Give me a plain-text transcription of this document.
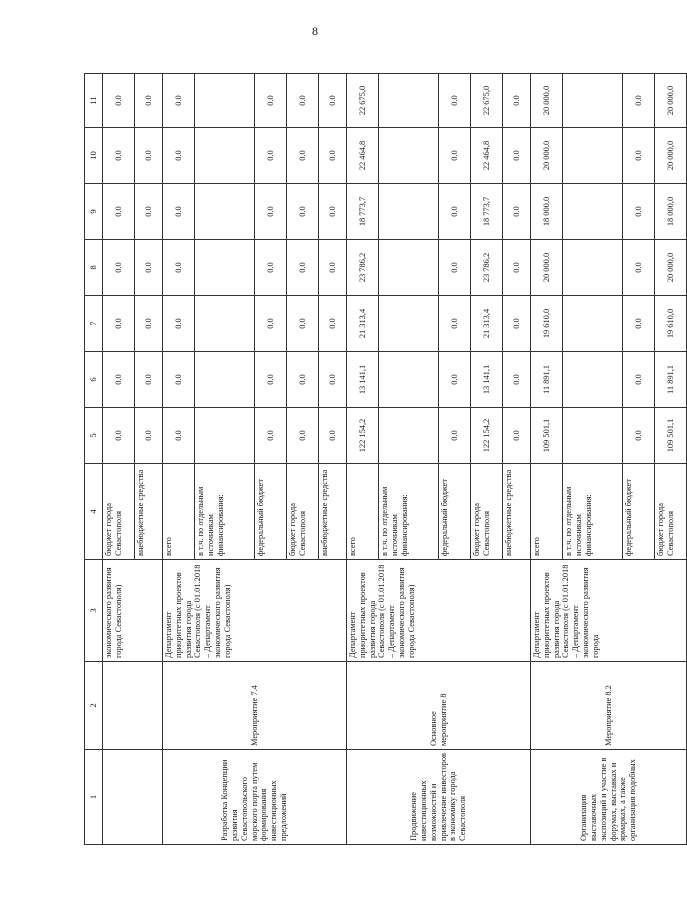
8
1	2	3	4	5	6	7	8	9	10	11
		экономического развития города Севастополя)	бюджет города Севастополя	0.0	0.0	0.0	0.0	0.0	0.0	0.0
			внебюджетные средства	0.0	0.0	0.0	0.0	0.0	0.0	0.0
Разработка Концепции развития Севастопольского морского порта путем формирования инвестиционных предложений	Мероприятие 7.4	Департамент приоритетных проектов развития города Севастополя (с 01.01.2018 – Департамент экономического развития города Севастополя)	всего	0.0	0.0	0.0	0.0	0.0	0.0	0.0
			в т.ч. по отдельным источникам финансирования:							
			федеральный бюджет	0.0	0.0	0.0	0.0	0.0	0.0	0.0
			бюджет города Севастополя	0.0	0.0	0.0	0.0	0.0	0.0	0.0
			внебюджетные средства	0.0	0.0	0.0	0.0	0.0	0.0	0.0
Продвижение инвестиционных возможностей и привлечение инвесторов в экономику города Севастополя	Основное мероприятие 8	Департамент приоритетных проектов развития города Севастополя (с 01.01.2018 – Департамент экономического развития города Севастополя)	всего	122 154,2	13 141,1	21 313,4	23 786,2	18 773,7	22 464,8	22 675,0
			в т.ч. по отдельным источникам финансирования:							
			федеральный бюджет	0.0	0.0	0.0	0.0	0.0	0.0	0.0
			бюджет города Севастополя	122 154,2	13 141,1	21 313,4	23 786,2	18 773,7	22 464,8	22 675,0
			внебюджетные средства	0.0	0.0	0.0	0.0	0.0	0.0	0.0
Организация выставочных экспозиций и участие в форумах, выставках и ярмарках, а также организация подобных	Мероприятие 8.2	Департамент приоритетных проектов развития города Севастополя (с 01.01.2018 – Департамент экономического развития города	всего	109 501,1	11 891,1	19 610,0	20 000,0	18 000,0	20 000,0	20 000,0
			в т.ч. по отдельным источникам финансирования:							
			федеральный бюджет	0.0	0.0	0.0	0.0	0.0	0.0	0.0
			бюджет города Севастополя	109 501,1	11 891,1	19 610,0	20 000,0	18 000,0	20 000,0	20 000,0
